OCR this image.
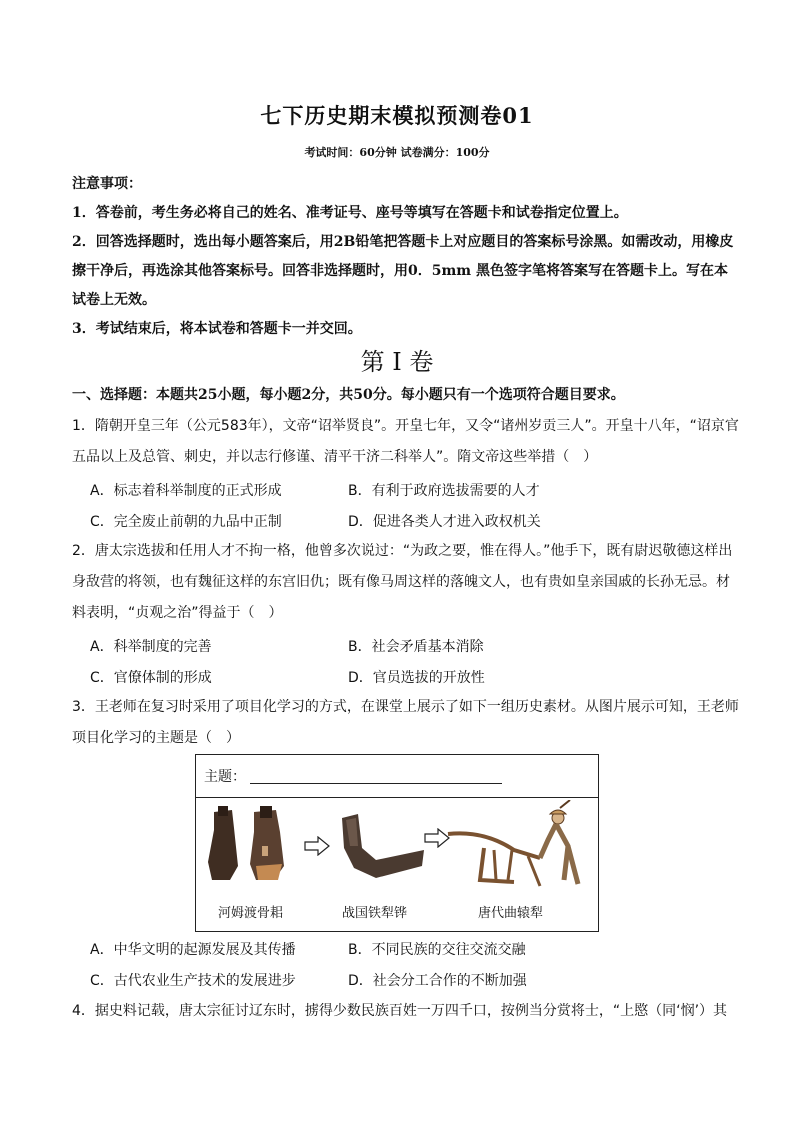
七下历史期末模拟预测卷01
考试时间：60分钟 试卷满分：100分

注意事项：

1．答卷前，考生务必将自己的姓名、准考证号、座号等填写在答题卡和试卷指定位置上。

2．回答选择题时，选出每小题答案后，用2B铅笔把答题卡上对应题目的答案标号涂黑。如需改动，用橡皮擦干净后，再选涂其他答案标号。回答非选择题时，用0．5mm 黑色签字笔将答案写在答题卡上。写在本试卷上无效。

3．考试结束后，将本试卷和答题卡一并交回。

第 I 卷
一、选择题：本题共25小题，每小题2分，共50分。每小题只有一个选项符合题目要求。

1．隋朝开皇三年（公元583年），文帝“诏举贤良”。开皇七年，又令“诸州岁贡三人”。开皇十八年，“诏京官五品以上及总管、刺史，并以志行修谨、清平干济二科举人”。隋文帝这些举措（　）

A．标志着科举制度的正式形成	B．有利于政府选拔需要的人才
C．完全废止前朝的九品中正制	D．促进各类人才进入政权机关

2．唐太宗选拔和任用人才不拘一格，他曾多次说过：“为政之要，惟在得人。”他手下，既有尉迟敬德这样出身敌营的将领，也有魏征这样的东宫旧仇；既有像马周这样的落魄文人，也有贵如皇亲国戚的长孙无忌。材料表明，“贞观之治”得益于（　）

A．科举制度的完善	B．社会矛盾基本消除
C．官僚体制的形成	D．官员选拔的开放性

3．王老师在复习时采用了项目化学习的方式，在课堂上展示了如下一组历史素材。从图片展示可知，王老师项目化学习的主题是（　）

主题：
河姆渡骨耜	战国铁犁铧	唐代曲辕犁
A．中华文明的起源发展及其传播	B．不同民族的交往交流交融
C．古代农业生产技术的发展进步	D．社会分工合作的不断加强

4．据史料记载，唐太宗征讨辽东时，掳得少数民族百姓一万四千口，按例当分赏将士，“上愍（同‘悯’）其
